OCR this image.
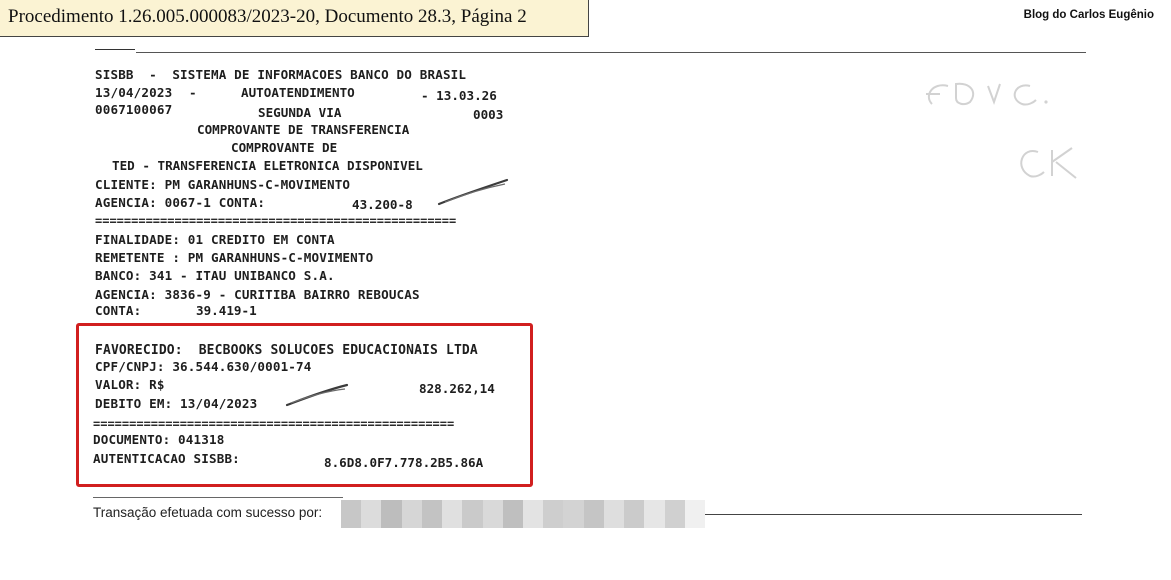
Procedimento 1.26.005.000083/2023-20, Documento 28.3, Página 2	Blog do Carlos Eugênio
SISBB  -  SISTEMA DE INFORMACOES BANCO DO BRASIL
13/04/2023 -	AUTOATENDIMENTO	- 13.03.26
0067100067	SEGUNDA VIA	0003
COMPROVANTE DE TRANSFERENCIA
COMPROVANTE DE
TED - TRANSFERENCIA ELETRONICA DISPONIVEL
CLIENTE: PM GARANHUNS-C-MOVIMENTO
AGENCIA: 0067-1 CONTA:	43.200-8
==================================================
FINALIDADE: 01 CREDITO EM CONTA
REMETENTE : PM GARANHUNS-C-MOVIMENTO
BANCO: 341 - ITAU UNIBANCO S.A.
AGENCIA: 3836-9 - CURITIBA BAIRRO REBOUCAS
CONTA:	39.419-1
FAVORECIDO:  BECBOOKS SOLUCOES EDUCACIONAIS LTDA
CPF/CNPJ: 36.544.630/0001-74
VALOR: R$	828.262,14
DEBITO EM: 13/04/2023
==================================================
DOCUMENTO: 041318
AUTENTICACAO SISBB:	8.6D8.0F7.778.2B5.86A
Transação efetuada com sucesso por:
